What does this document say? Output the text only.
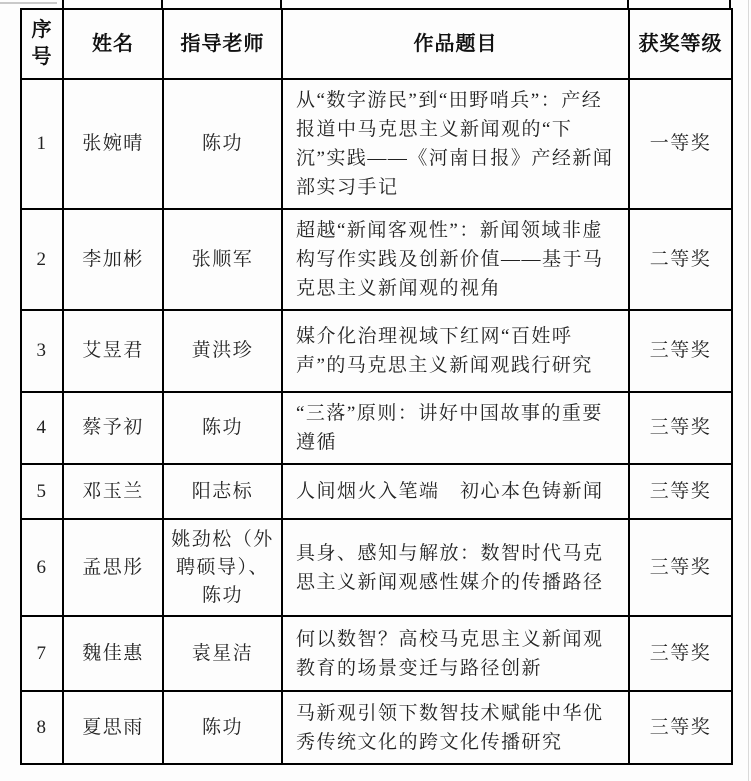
序号	姓名	指导老师	作品题目	获奖等级
1	张婉晴	陈功	从“数字游民”到“田野哨兵”：产经报道中马克思主义新闻观的“下沉”实践——《河南日报》产经新闻部实习手记	一等奖
2	李加彬	张顺军	超越“新闻客观性”：新闻领域非虚构写作实践及创新价值——基于马克思主义新闻观的视角	二等奖
3	艾昱君	黄洪珍	媒介化治理视域下红网“百姓呼声”的马克思主义新闻观践行研究	三等奖
4	蔡予初	陈功	“三落”原则：讲好中国故事的重要遵循	三等奖
5	邓玉兰	阳志标	人间烟火入笔端　初心本色铸新闻	三等奖
6	孟思彤	姚劲松（外聘硕导）、陈功	具身、感知与解放：数智时代马克思主义新闻观感性媒介的传播路径	三等奖
7	魏佳惠	袁星洁	何以数智？高校马克思主义新闻观教育的场景变迁与路径创新	三等奖
8	夏思雨	陈功	马新观引领下数智技术赋能中华优秀传统文化的跨文化传播研究	三等奖
